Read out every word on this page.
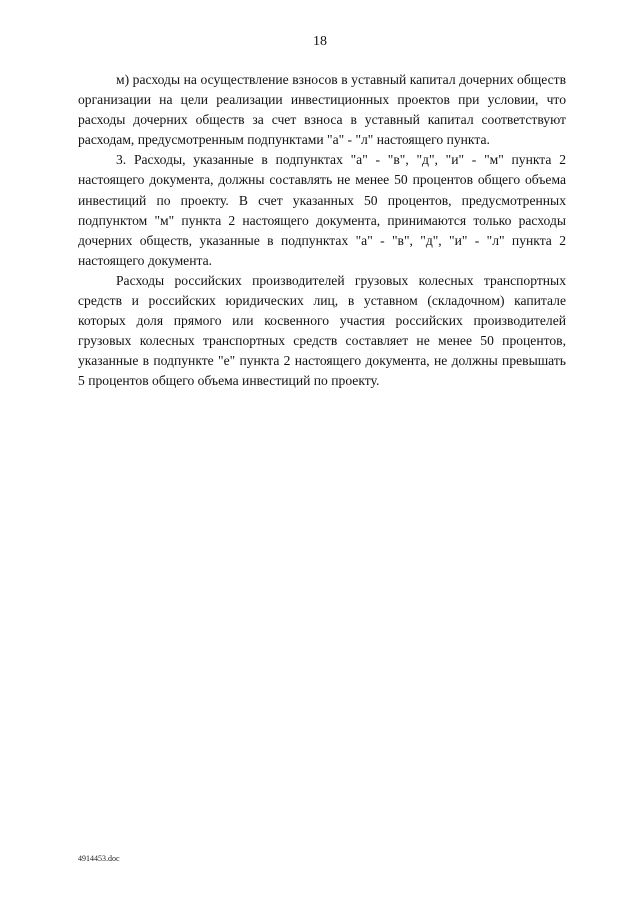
18

м) расходы на осуществление взносов в уставный капитал дочерних обществ организации на цели реализации инвестиционных проектов при условии, что расходы дочерних обществ за счет взноса в уставный капитал соответствуют расходам, предусмотренным подпунктами "а" - "л" настоящего пункта.

3. Расходы, указанные в подпунктах "а" - "в", "д", "и" - "м" пункта 2 настоящего документа, должны составлять не менее 50 процентов общего объема инвестиций по проекту. В счет указанных 50 процентов, предусмотренных подпунктом "м" пункта 2 настоящего документа, принимаются только расходы дочерних обществ, указанные в подпунктах "а" - "в", "д", "и" - "л" пункта 2 настоящего документа.

Расходы российских производителей грузовых колесных транспортных средств и российских юридических лиц, в уставном (складочном) капитале которых доля прямого или косвенного участия российских производителей грузовых колесных транспортных средств составляет не менее 50 процентов, указанные в подпункте "е" пункта 2 настоящего документа, не должны превышать 5 процентов общего объема инвестиций по проекту.

4914453.doc
